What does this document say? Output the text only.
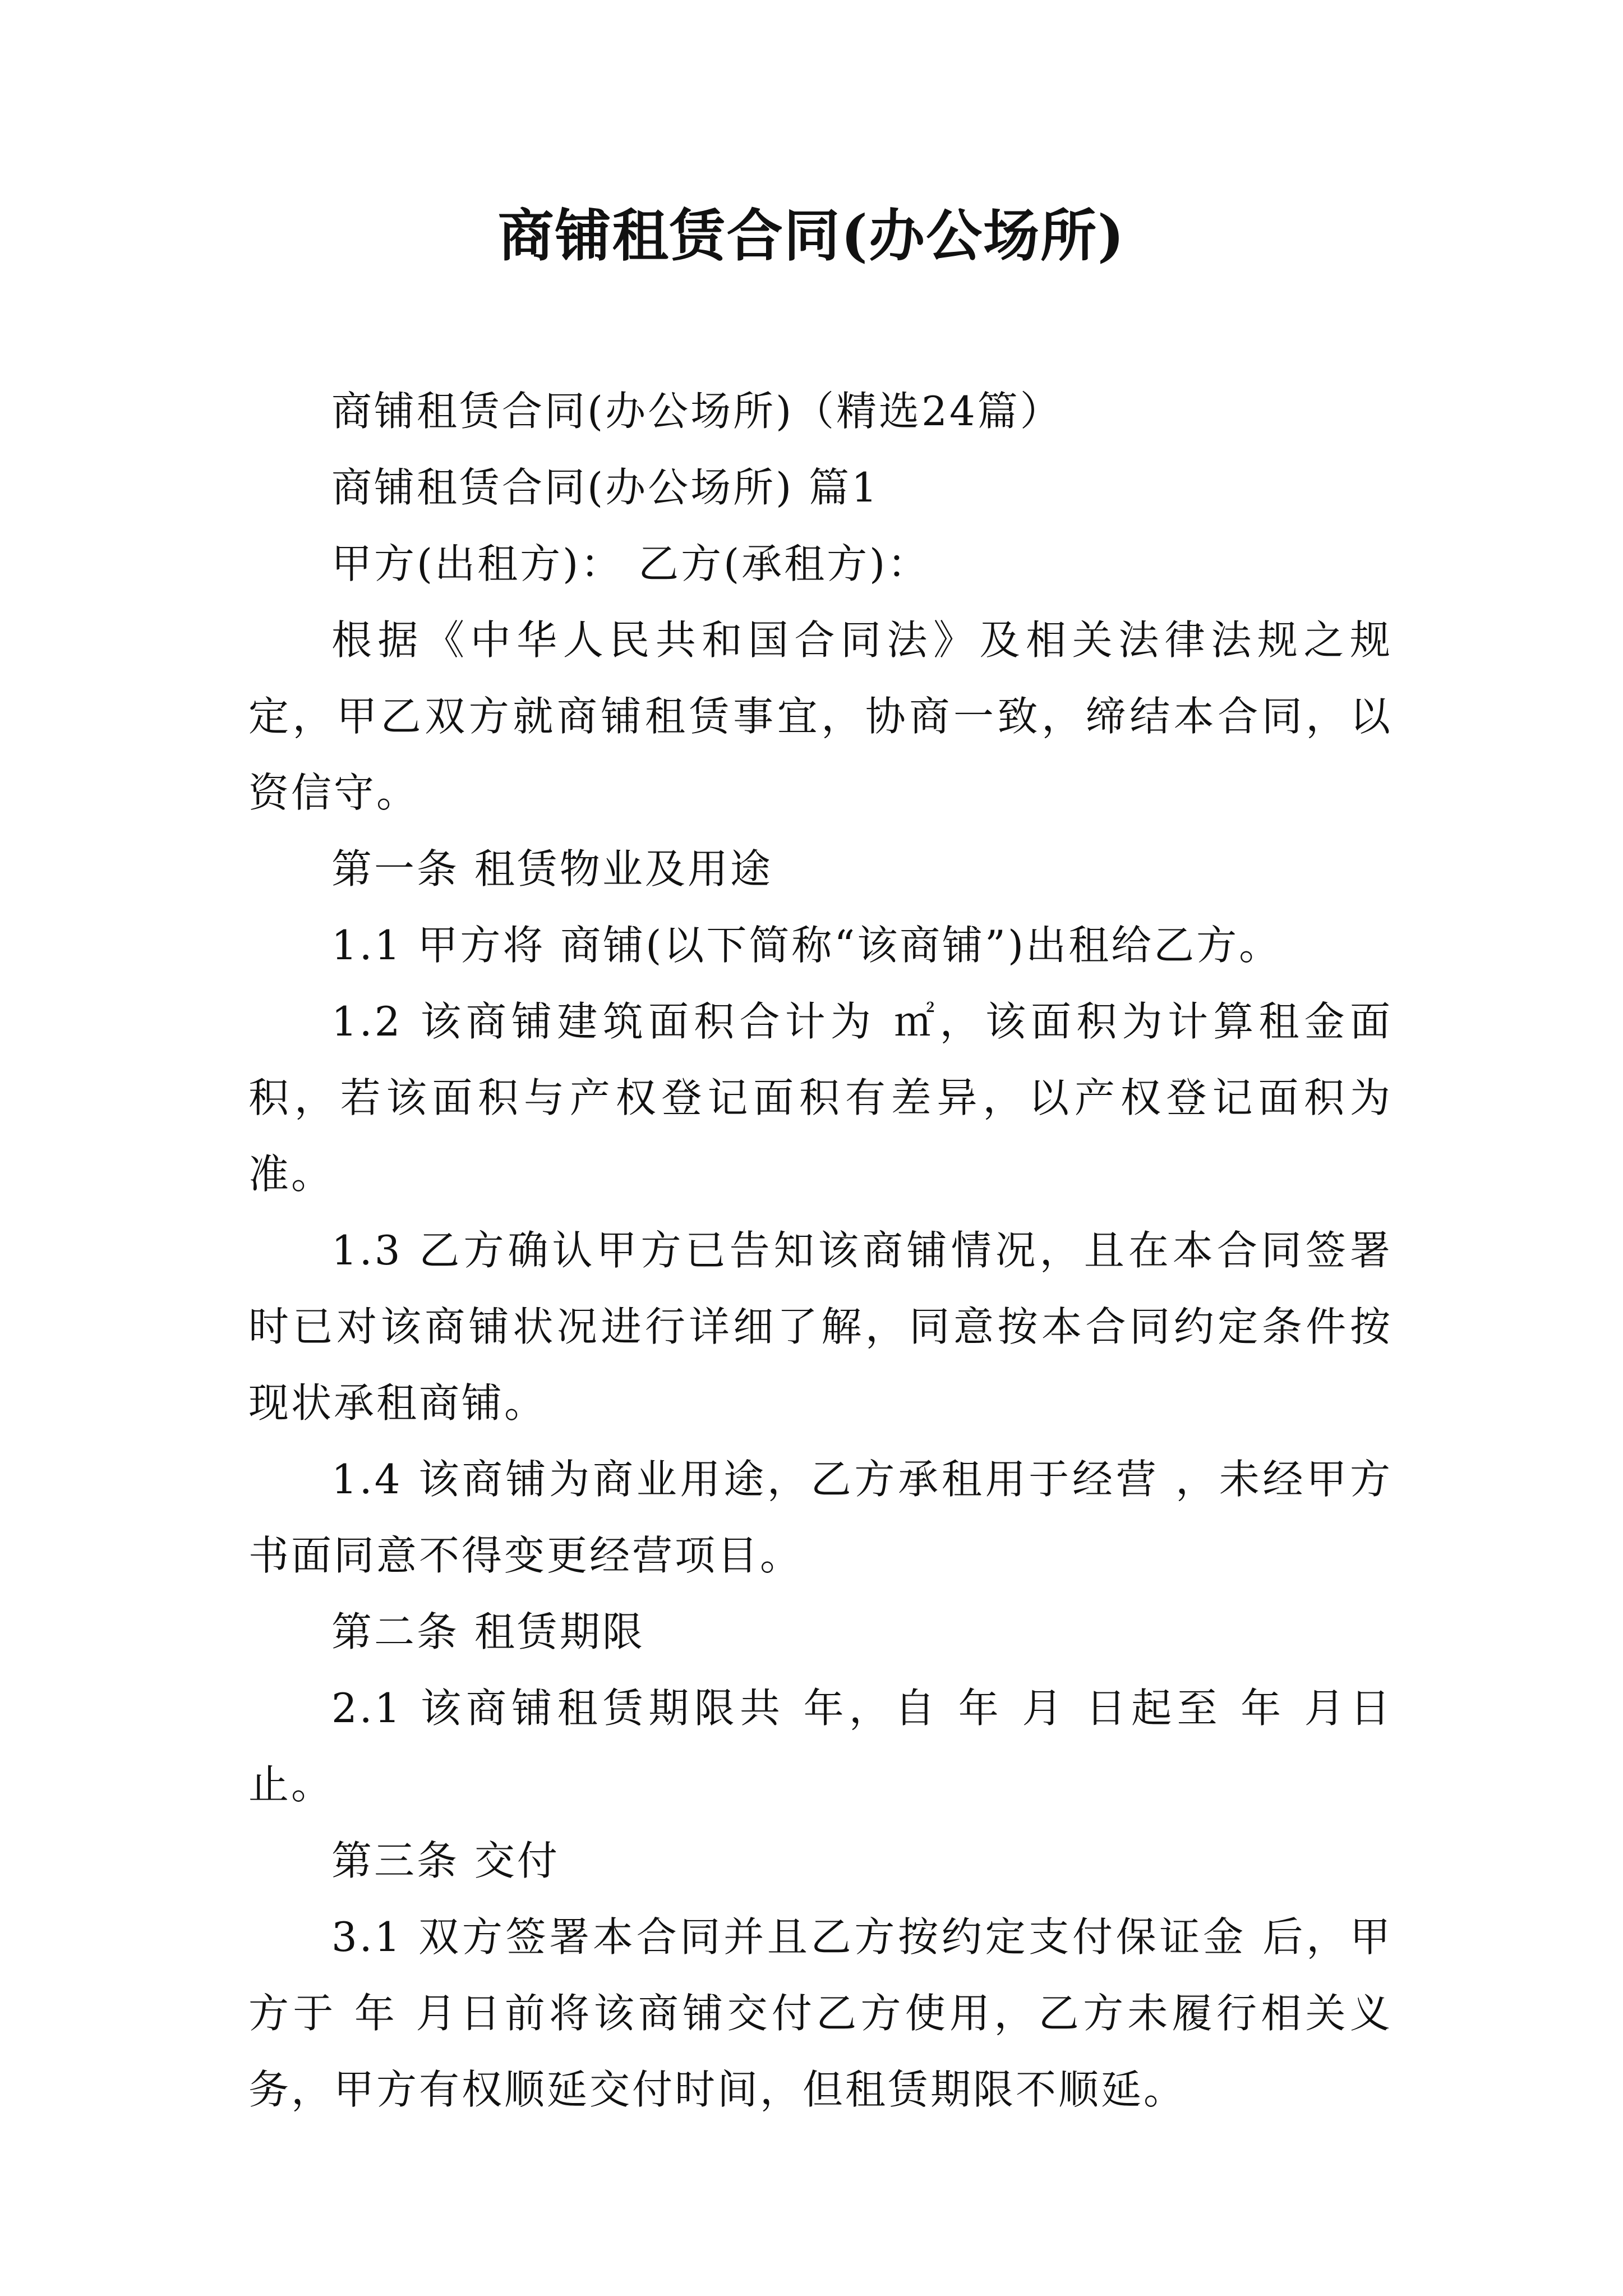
商铺租赁合同(办公场所)

商铺租赁合同(办公场所)（精选24篇）

商铺租赁合同(办公场所) 篇1

甲方(出租方)： 乙方(承租方)：

根据《中华人民共和国合同法》及相关法律法规之规定，甲乙双方就商铺租赁事宜，协商一致，缔结本合同，以资信守。

第一条 租赁物业及用途

1.1 甲方将 商铺(以下简称“该商铺”)出租给乙方。

1.2 该商铺建筑面积合计为 ㎡，该面积为计算租金面积，若该面积与产权登记面积有差异，以产权登记面积为准。

1.3 乙方确认甲方已告知该商铺情况，且在本合同签署时已对该商铺状况进行详细了解，同意按本合同约定条件按现状承租商铺。

1.4 该商铺为商业用途，乙方承租用于经营 ，未经甲方书面同意不得变更经营项目。

第二条 租赁期限

2.1 该商铺租赁期限共 年，自 年 月 日起至 年 月日止。

第三条 交付

3.1 双方签署本合同并且乙方按约定支付保证金 后，甲方于 年 月日前将该商铺交付乙方使用，乙方未履行相关义务，甲方有权顺延交付时间，但租赁期限不顺延。
